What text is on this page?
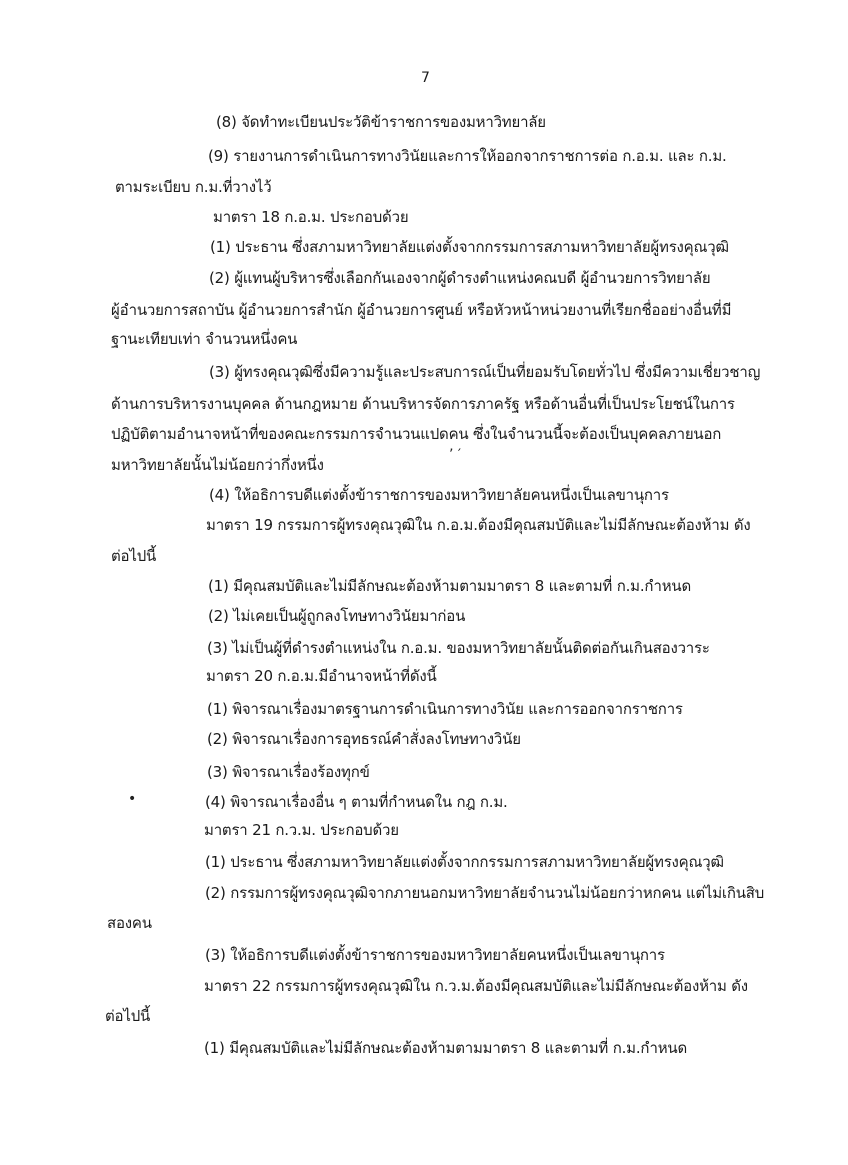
7
(8) จัดทำทะเบียนประวัติข้าราชการของมหาวิทยาลัย
(9) รายงานการดำเนินการทางวินัยและการให้ออกจากราชการต่อ ก.อ.ม. และ ก.ม.
ตามระเบียบ ก.ม.ที่วางไว้
มาตรา 18 ก.อ.ม. ประกอบด้วย
(1) ประธาน ซึ่งสภามหาวิทยาลัยแต่งตั้งจากกรรมการสภามหาวิทยาลัยผู้ทรงคุณวุฒิ
(2) ผู้แทนผู้บริหารซึ่งเลือกกันเองจากผู้ดำรงตำแหน่งคณบดี ผู้อำนวยการวิทยาลัย
ผู้อำนวยการสถาบัน ผู้อำนวยการสำนัก ผู้อำนวยการศูนย์ หรือหัวหน้าหน่วยงานที่เรียกชื่ออย่างอื่นที่มี
ฐานะเทียบเท่า จำนวนหนึ่งคน
(3) ผู้ทรงคุณวุฒิซึ่งมีความรู้และประสบการณ์เป็นที่ยอมรับโดยทั่วไป ซึ่งมีความเชี่ยวชาญ
ด้านการบริหารงานบุคคล ด้านกฎหมาย ด้านบริหารจัดการภาครัฐ หรือด้านอื่นที่เป็นประโยชน์ในการ
ปฏิบัติตามอำนาจหน้าที่ของคณะกรรมการจำนวนแปดคน ซึ่งในจำนวนนี้จะต้องเป็นบุคคลภายนอก
มหาวิทยาลัยนั้นไม่น้อยกว่ากึ่งหนึ่ง
(4) ให้อธิการบดีแต่งตั้งข้าราชการของมหาวิทยาลัยคนหนึ่งเป็นเลขานุการ
มาตรา 19 กรรมการผู้ทรงคุณวุฒิใน ก.อ.ม.ต้องมีคุณสมบัติและไม่มีลักษณะต้องห้าม ดัง
ต่อไปนี้
(1) มีคุณสมบัติและไม่มีลักษณะต้องห้ามตามมาตรา 8 และตามที่ ก.ม.กำหนด
(2) ไม่เคยเป็นผู้ถูกลงโทษทางวินัยมาก่อน
(3) ไม่เป็นผู้ที่ดำรงตำแหน่งใน ก.อ.ม. ของมหาวิทยาลัยนั้นติดต่อกันเกินสองวาระ
มาตรา 20 ก.อ.ม.มีอำนาจหน้าที่ดังนี้
(1) พิจารณาเรื่องมาตรฐานการดำเนินการทางวินัย และการออกจากราชการ
(2) พิจารณาเรื่องการอุทธรณ์คำสั่งลงโทษทางวินัย
(3) พิจารณาเรื่องร้องทุกข์
(4) พิจารณาเรื่องอื่น ๆ ตามที่กำหนดใน กฎ ก.ม.
มาตรา 21 ก.ว.ม. ประกอบด้วย
(1) ประธาน ซึ่งสภามหาวิทยาลัยแต่งตั้งจากกรรมการสภามหาวิทยาลัยผู้ทรงคุณวุฒิ
(2) กรรมการผู้ทรงคุณวุฒิจากภายนอกมหาวิทยาลัยจำนวนไม่น้อยกว่าหกคน แต่ไม่เกินสิบ
สองคน
(3) ให้อธิการบดีแต่งตั้งข้าราชการของมหาวิทยาลัยคนหนึ่งเป็นเลขานุการ
มาตรา 22 กรรมการผู้ทรงคุณวุฒิใน ก.ว.ม.ต้องมีคุณสมบัติและไม่มีลักษณะต้องห้าม ดัง
ต่อไปนี้
(1) มีคุณสมบัติและไม่มีลักษณะต้องห้ามตามมาตรา 8 และตามที่ ก.ม.กำหนด
’ ′
•
